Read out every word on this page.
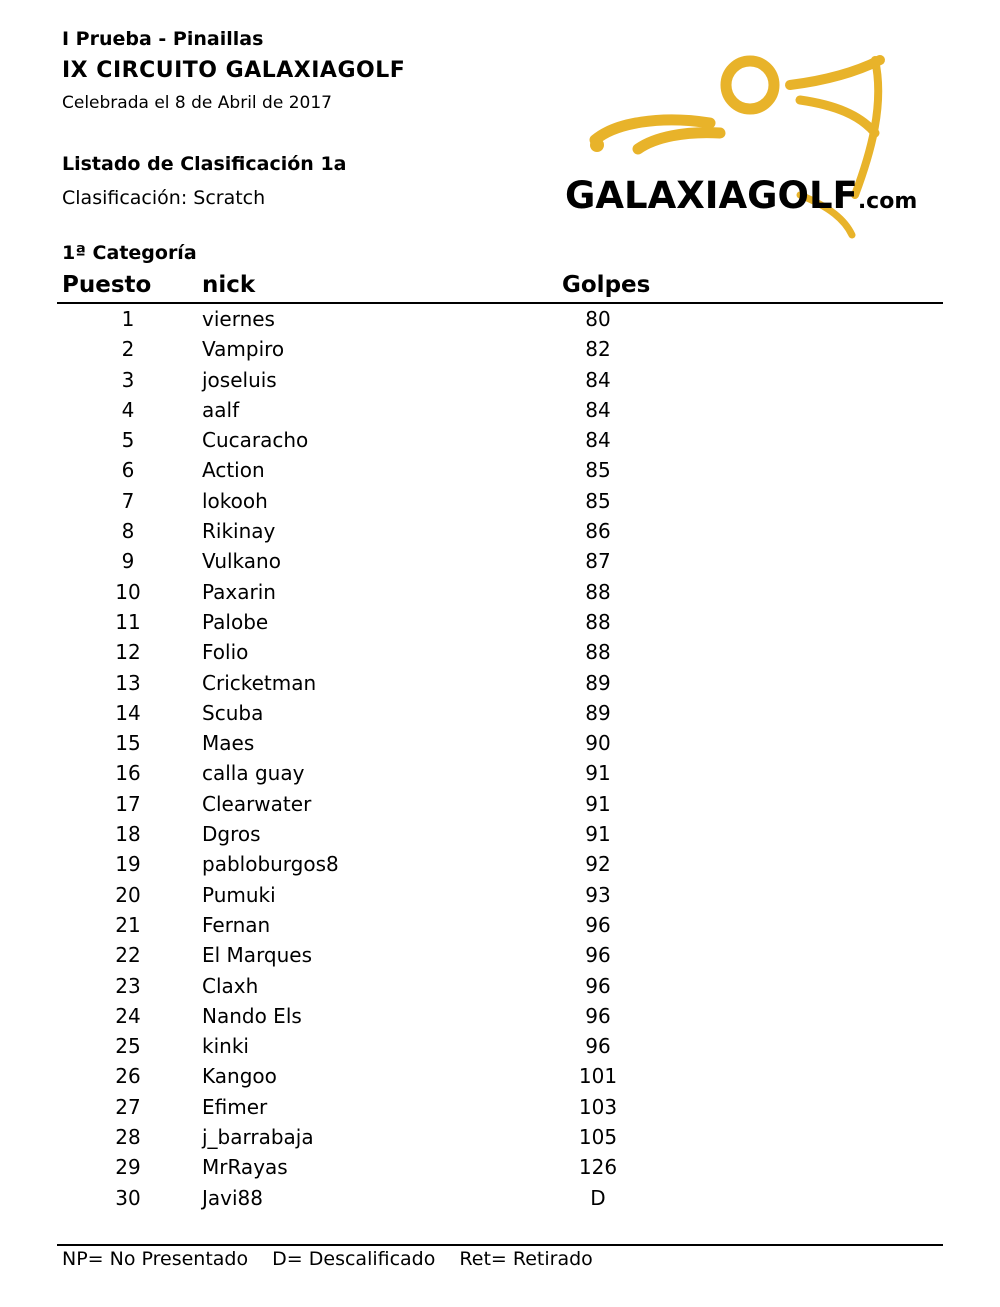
I Prueba - Pinaillas
IX CIRCUITO GALAXIAGOLF
Celebrada el 8 de Abril de 2017
Listado de Clasificación 1a
Clasificación: Scratch	GALAXIAGOLF.com
1ª Categoría
Puesto nick	Golpes
1	viernes	80
2	Vampiro	82
3	joseluis	84
4	aalf	84
5	Cucaracho	84
6	Action	85
7	lokooh	85
8	Rikinay	86
9	Vulkano	87
10	Paxarin	88
11	Palobe	88
12	Folio	88
13	Cricketman	89
14	Scuba	89
15	Maes	90
16	calla guay	91
17	Clearwater	91
18	Dgros	91
19	pabloburgos8	92
20	Pumuki	93
21	Fernan	96
22	El Marques	96
23	Claxh	96
24	Nando Els	96
25	kinki	96
26	Kangoo	101
27	Efimer	103
28	j_barrabaja	105
29	MrRayas	126
30	Javi88	D
NP= No Presentado D= Descalificado Ret= Retirado
